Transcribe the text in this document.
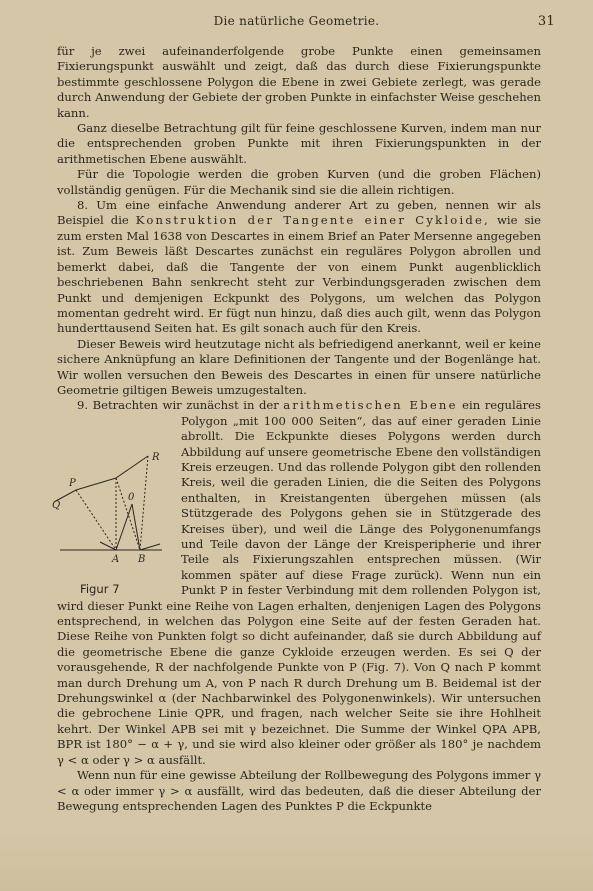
Die natürliche Geometrie.	31

für je zwei aufeinanderfolgende grobe Punkte einen gemeinsamen Fixierungspunkt auswählt und zeigt, daß das durch diese Fixierungspunkte bestimmte geschlossene Polygon die Ebene in zwei Gebiete zerlegt, was gerade durch Anwendung der Gebiete der groben Punkte in einfachster Weise geschehen kann.

Ganz dieselbe Betrachtung gilt für feine geschlossene Kurven, indem man nur die entsprechenden groben Punkte mit ihren Fixierungspunkten in der arithmetischen Ebene auswählt.

Für die Topologie werden die groben Kurven (und die groben Flächen) vollständig genügen. Für die Mechanik sind sie die allein richtigen.

8. Um eine einfache Anwendung anderer Art zu geben, nennen wir als Beispiel die Konstruktion der Tangente einer Cykloide, wie sie zum ersten Mal 1638 von Descartes in einem Brief an Pater Mersenne angegeben ist. Zum Beweis läßt Descartes zunächst ein reguläres Polygon abrollen und bemerkt dabei, daß die Tangente der von einem Punkt augenblicklich beschriebenen Bahn senkrecht steht zur Verbindungsgeraden zwischen dem Punkt und demjenigen Eckpunkt des Polygons, um welchen das Polygon momentan gedreht wird. Er fügt nun hinzu, daß dies auch gilt, wenn das Polygon hunderttausend Seiten hat. Es gilt sonach auch für den Kreis.

Dieser Beweis wird heutzutage nicht als befriedigend anerkannt, weil er keine sichere Anknüpfung an klare Definitionen der Tangente und der Bogenlänge hat. Wir wollen versuchen den Beweis des Descartes in einen für unsere natürliche Geometrie giltigen Beweis umzugestalten.

9. Betrachten wir zunächst in der arithmetischen Ebene ein reguläres Polygon „mit 100 000 Seiten“, das auf einer geraden Linie abrollt. Die Eckpunkte dieses Polygons werden durch Abbildung auf unsere geometrische Ebene den vollständigen Kreis erzeugen. Und das rollende Polygon gibt den rollenden Kreis, weil die geraden Linien, die die Seiten des Polygons enthalten, in Kreistangenten übergehen müssen (als Stützgerade des Polygons gehen sie in Stützgerade des Kreises über), und weil die Länge des Polygonenumfangs und Teile davon der Länge der Kreisperipherie und ihrer Teile als Fixierungszahlen entsprechen müssen. (Wir kommen später auf diese Frage zurück). Wenn nun ein Punkt P in fester Verbindung mit dem rollenden Polygon ist, wird dieser Punkt eine Reihe von Lagen erhalten, denjenigen Lagen des Polygons entsprechend, in welchen das Polygon eine Seite auf der festen Geraden hat. Diese Reihe von Punkten folgt so dicht aufeinander, daß sie durch Abbildung auf die geometrische Ebene die ganze Cykloide erzeugen werden. Es sei Q der vorausgehende, R der nachfolgende Punkte von P (Fig. 7). Von Q nach P kommt man durch Drehung um A, von P nach R durch Drehung um B. Beidemal ist der Drehungswinkel α (der Nachbarwinkel des Polygonenwinkels). Wir untersuchen die gebrochene Linie QPR, und fragen, nach welcher Seite sie ihre Hohlheit kehrt. Der Winkel APB sei mit γ bezeichnet. Die Summe der Winkel QPA APB, BPR ist 180° − α + γ, und sie wird also kleiner oder größer als 180° je nachdem γ < α oder γ > α ausfällt.

Wenn nun für eine gewisse Abteilung der Rollbewegung des Polygons immer γ < α oder immer γ > α ausfällt, wird das bedeuten, daß die dieser Abteilung der Bewegung entsprechenden Lagen des Punktes P die Eckpunkte

P
Q
R
0
A B
Figur 7
